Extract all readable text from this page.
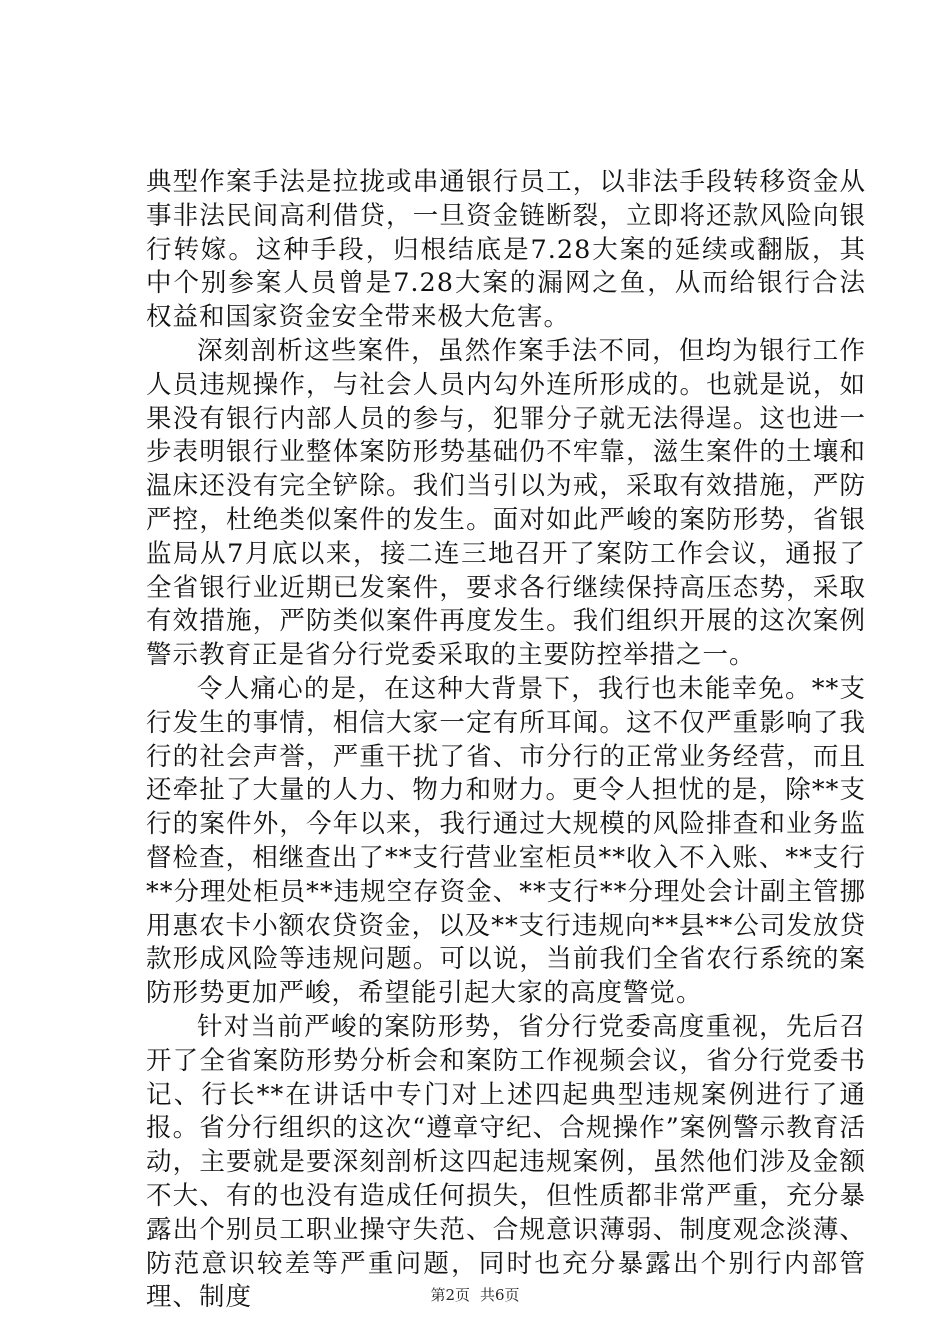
典型作案手法是拉拢或串通银行员工，以非法手段转移资金从事非法民间高利借贷，一旦资金链断裂，立即将还款风险向银行转嫁。这种手段，归根结底是7.28大案的延续或翻版，其中个别参案人员曾是7.28大案的漏网之鱼，从而给银行合法权益和国家资金安全带来极大危害。

深刻剖析这些案件，虽然作案手法不同，但均为银行工作人员违规操作，与社会人员内勾外连所形成的。也就是说，如果没有银行内部人员的参与，犯罪分子就无法得逞。这也进一步表明银行业整体案防形势基础仍不牢靠，滋生案件的土壤和温床还没有完全铲除。我们当引以为戒，采取有效措施，严防严控，杜绝类似案件的发生。面对如此严峻的案防形势，省银监局从7月底以来，接二连三地召开了案防工作会议，通报了全省银行业近期已发案件，要求各行继续保持高压态势，采取有效措施，严防类似案件再度发生。我们组织开展的这次案例警示教育正是省分行党委采取的主要防控举措之一。

令人痛心的是，在这种大背景下，我行也未能幸免。**支行发生的事情，相信大家一定有所耳闻。这不仅严重影响了我行的社会声誉，严重干扰了省、市分行的正常业务经营，而且还牵扯了大量的人力、物力和财力。更令人担忧的是，除**支行的案件外，今年以来，我行通过大规模的风险排查和业务监督检查，相继查出了**支行营业室柜员**收入不入账、**支行**分理处柜员**违规空存资金、**支行**分理处会计副主管挪用惠农卡小额农贷资金，以及**支行违规向**县**公司发放贷款形成风险等违规问题。可以说，当前我们全省农行系统的案防形势更加严峻，希望能引起大家的高度警觉。

针对当前严峻的案防形势，省分行党委高度重视，先后召开了全省案防形势分析会和案防工作视频会议，省分行党委书记、行长**在讲话中专门对上述四起典型违规案例进行了通报。省分行组织的这次“遵章守纪、合规操作”案例警示教育活动，主要就是要深刻剖析这四起违规案例，虽然他们涉及金额不大、有的也没有造成任何损失，但性质都非常严重，充分暴露出个别员工职业操守失范、合规意识薄弱、制度观念淡薄、防范意识较差等严重问题，同时也充分暴露出个别行内部管理、制度	第2页 共6页
